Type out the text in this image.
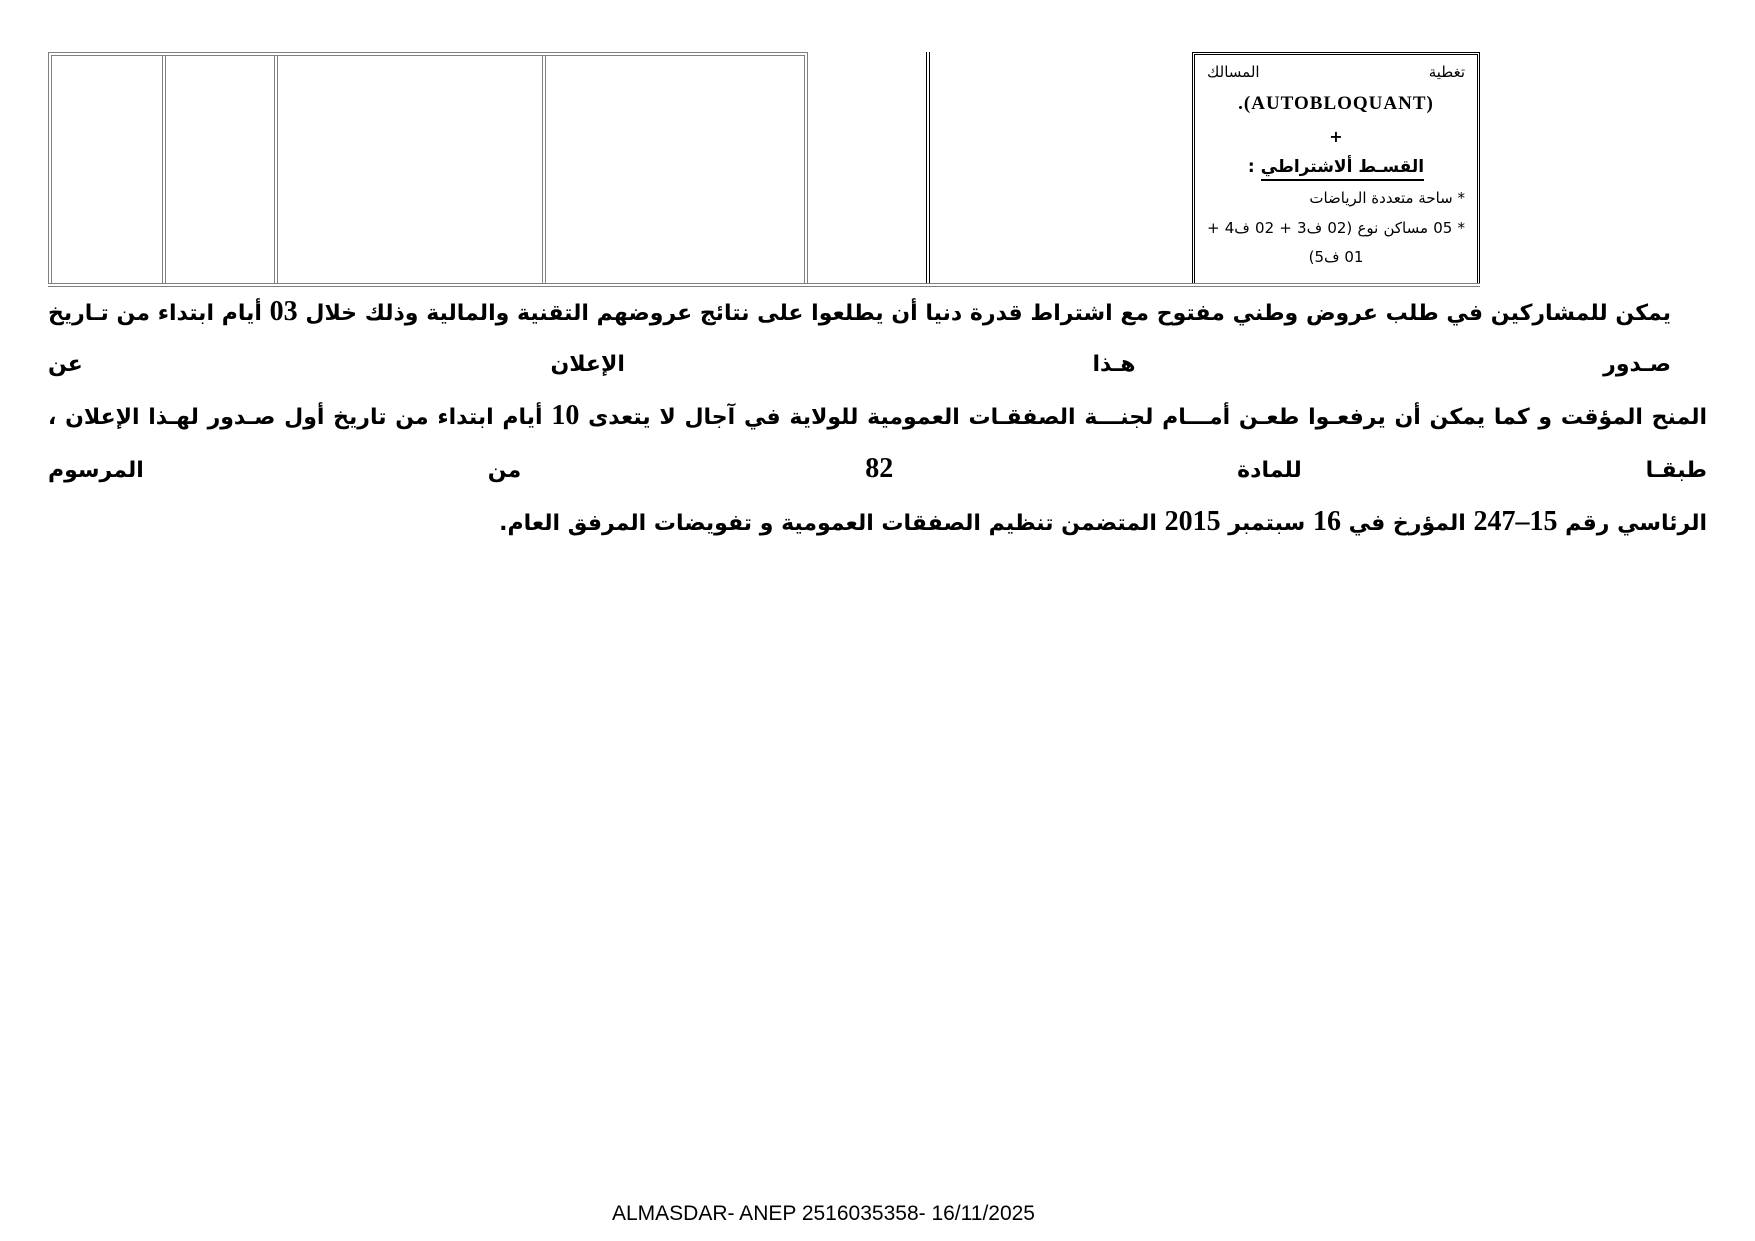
تغطية
المسالك
(AUTOBLOQUANT).
+
القسـط ألاشتراطي :
* ساحة متعددة الرياضات
* 05 مساكن نوع (02 ف3 + 02 ف4 +
01 ف5)
يمكن للمشاركين في طلب عروض وطني مفتوح مع اشتراط قدرة دنيا أن يطلعوا على نتائج عروضهم التقنية والمالية وذلك خلال 03 أيام ابتداء من تـاريخ صـدور هـذا الإعلان عن
المنح المؤقت و كما يمكن أن يرفعـوا طعـن أمـــام لجنـــة الصفقـات العمومية للولاية في آجال لا يتعدى 10 أيام ابتداء من تاريخ أول صـدور لهـذا الإعلان ، طبقـا للمادة 82 من المرسوم
الرئاسي رقم 15–247 المؤرخ في 16 سبتمبر 2015 المتضمن تنظيم الصفقات العمومية و تفويضات المرفق العام.
ALMASDAR- ANEP 2516035358- 16/11/2025
